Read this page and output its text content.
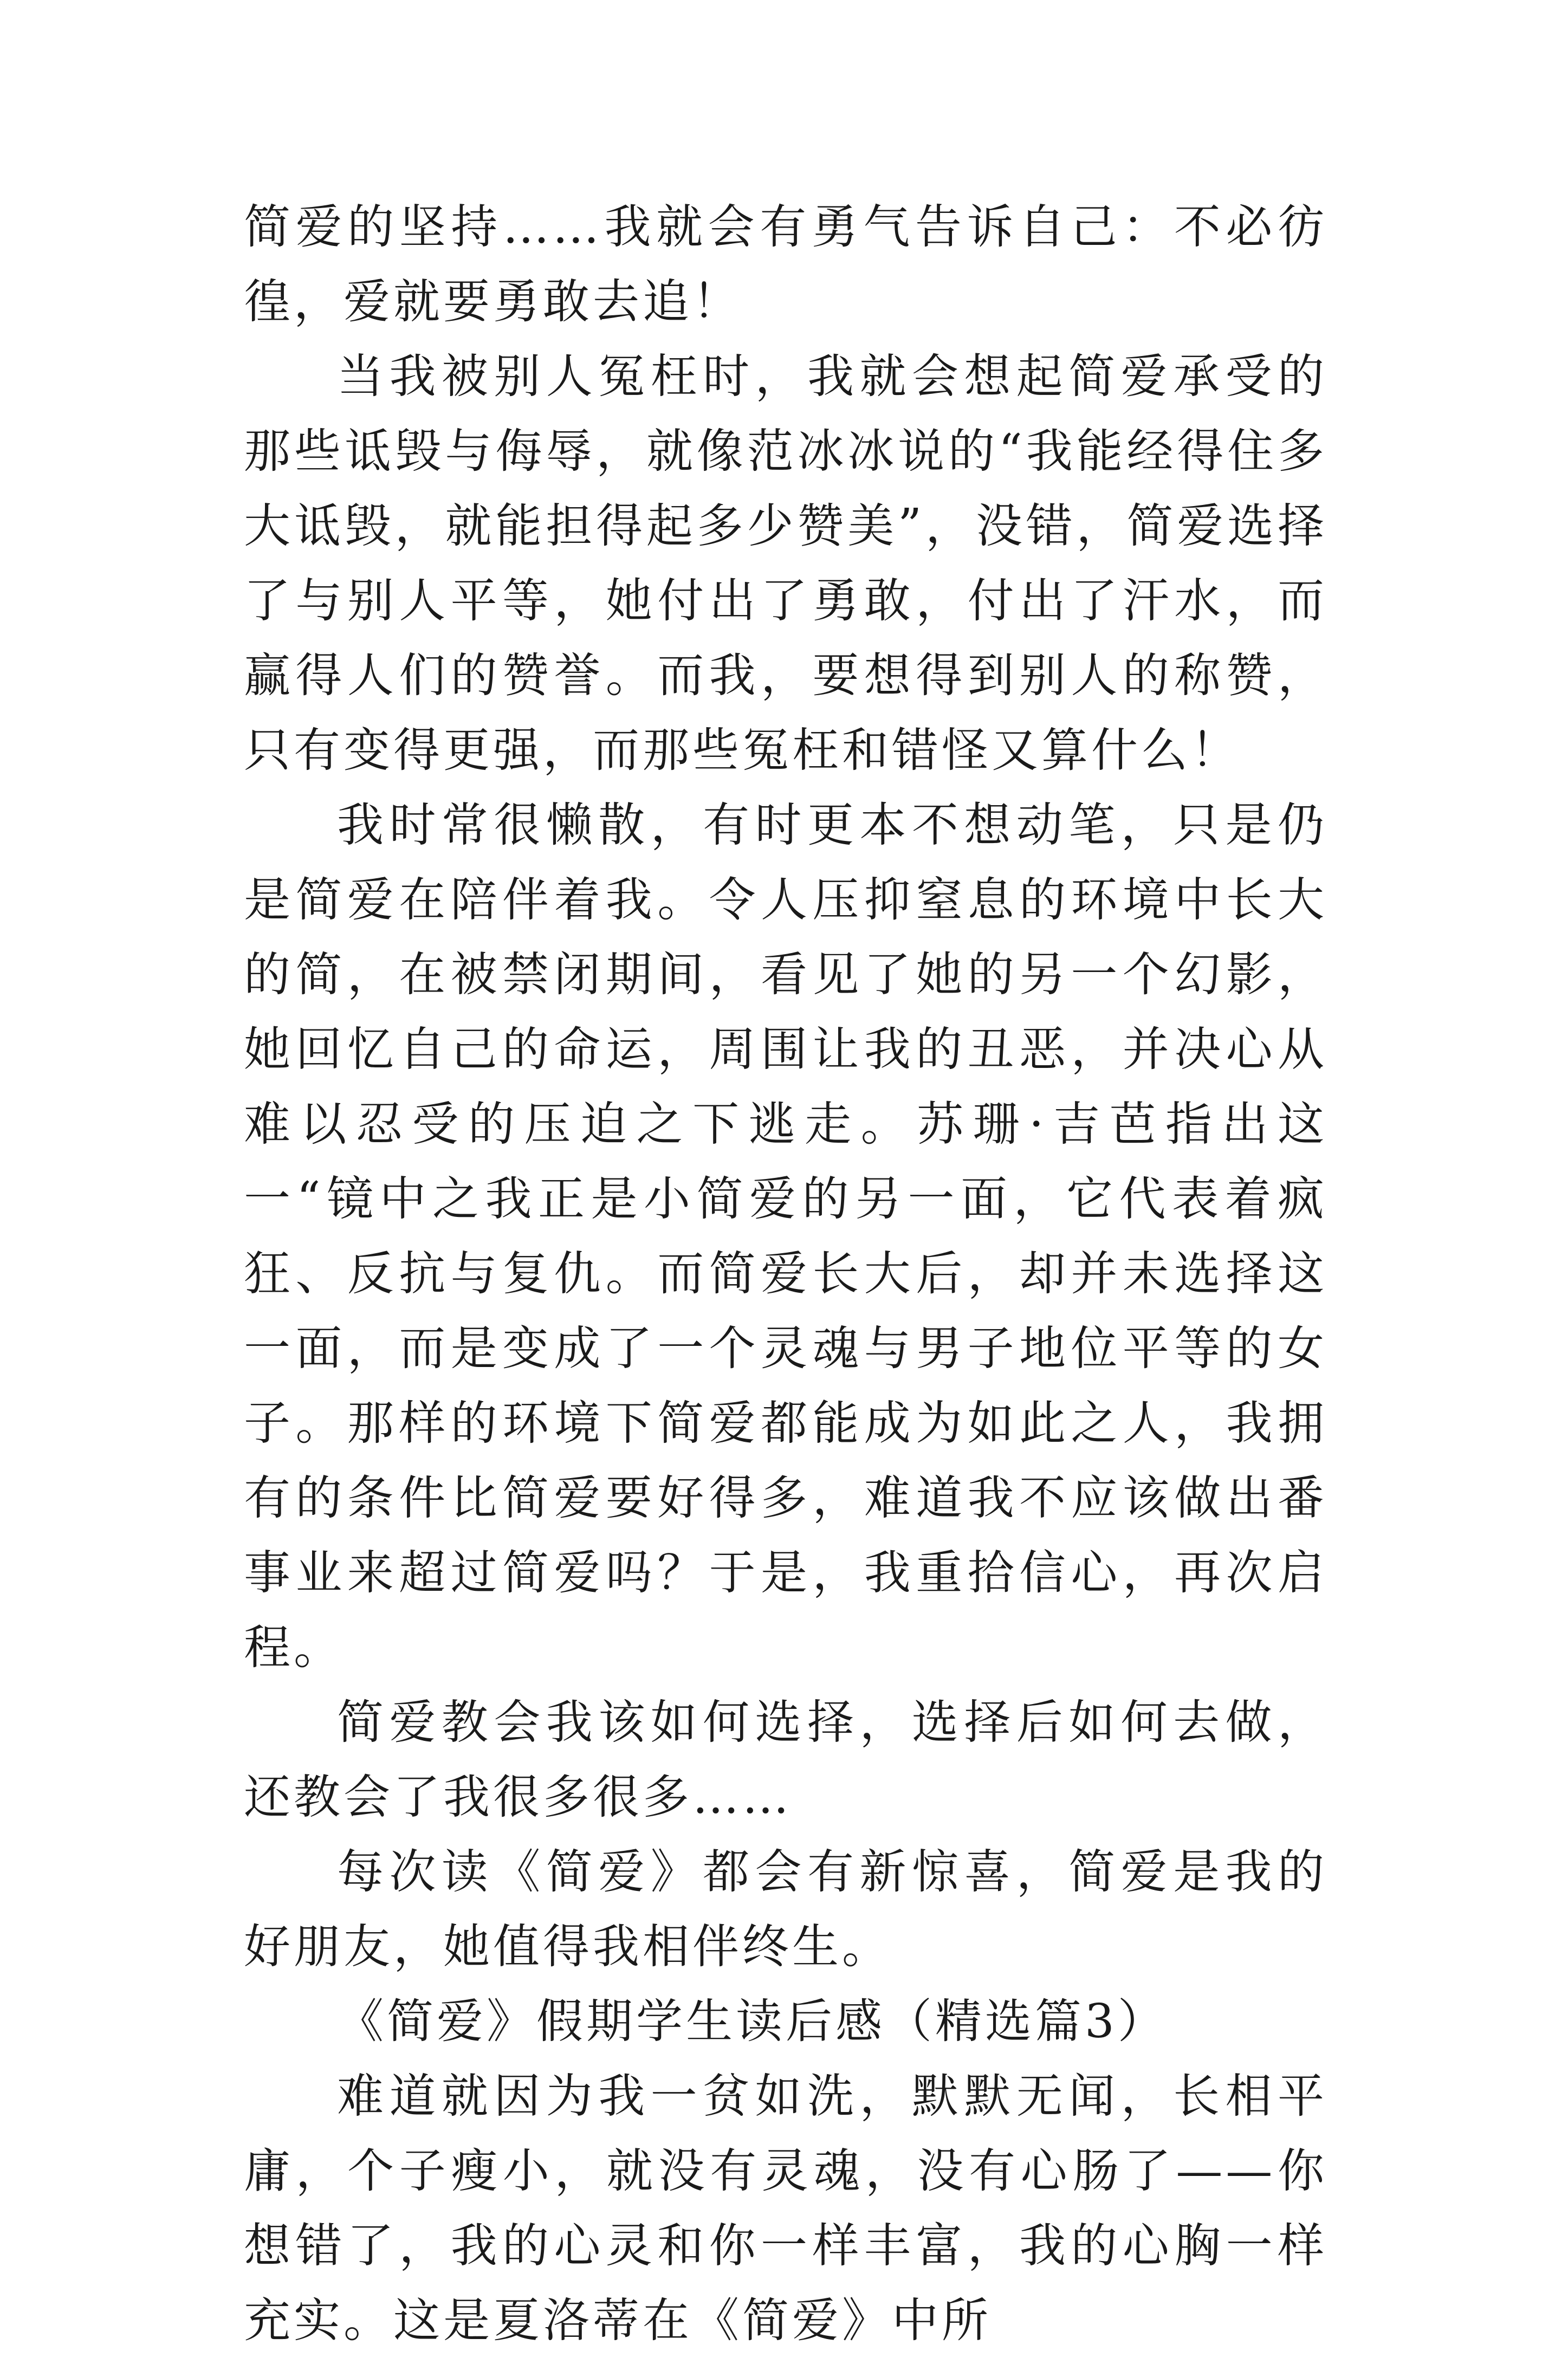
简爱的坚持……我就会有勇气告诉自己：不必彷徨，爱就要勇敢去追！

当我被别人冤枉时，我就会想起简爱承受的那些诋毁与侮辱，就像范冰冰说的“我能经得住多大诋毁，就能担得起多少赞美”，没错，简爱选择了与别人平等，她付出了勇敢，付出了汗水，而赢得人们的赞誉。而我，要想得到别人的称赞，只有变得更强，而那些冤枉和错怪又算什么！

我时常很懒散，有时更本不想动笔，只是仍是简爱在陪伴着我。令人压抑窒息的环境中长大的简，在被禁闭期间，看见了她的另一个幻影，她回忆自己的命运，周围让我的丑恶，并决心从难以忍受的压迫之下逃走。苏珊·吉芭指出这一“镜中之我正是小简爱的另一面，它代表着疯狂、反抗与复仇。而简爱长大后，却并未选择这一面，而是变成了一个灵魂与男子地位平等的女子。那样的环境下简爱都能成为如此之人，我拥有的条件比简爱要好得多，难道我不应该做出番事业来超过简爱吗？于是，我重拾信心，再次启程。

简爱教会我该如何选择，选择后如何去做，还教会了我很多很多……

每次读《简爱》都会有新惊喜，简爱是我的好朋友，她值得我相伴终生。

《简爱》假期学生读后感（精选篇3）

难道就因为我一贫如洗，默默无闻，长相平庸，个子瘦小，就没有灵魂，没有心肠了——你想错了，我的心灵和你一样丰富，我的心胸一样充实。这是夏洛蒂在《简爱》中所
